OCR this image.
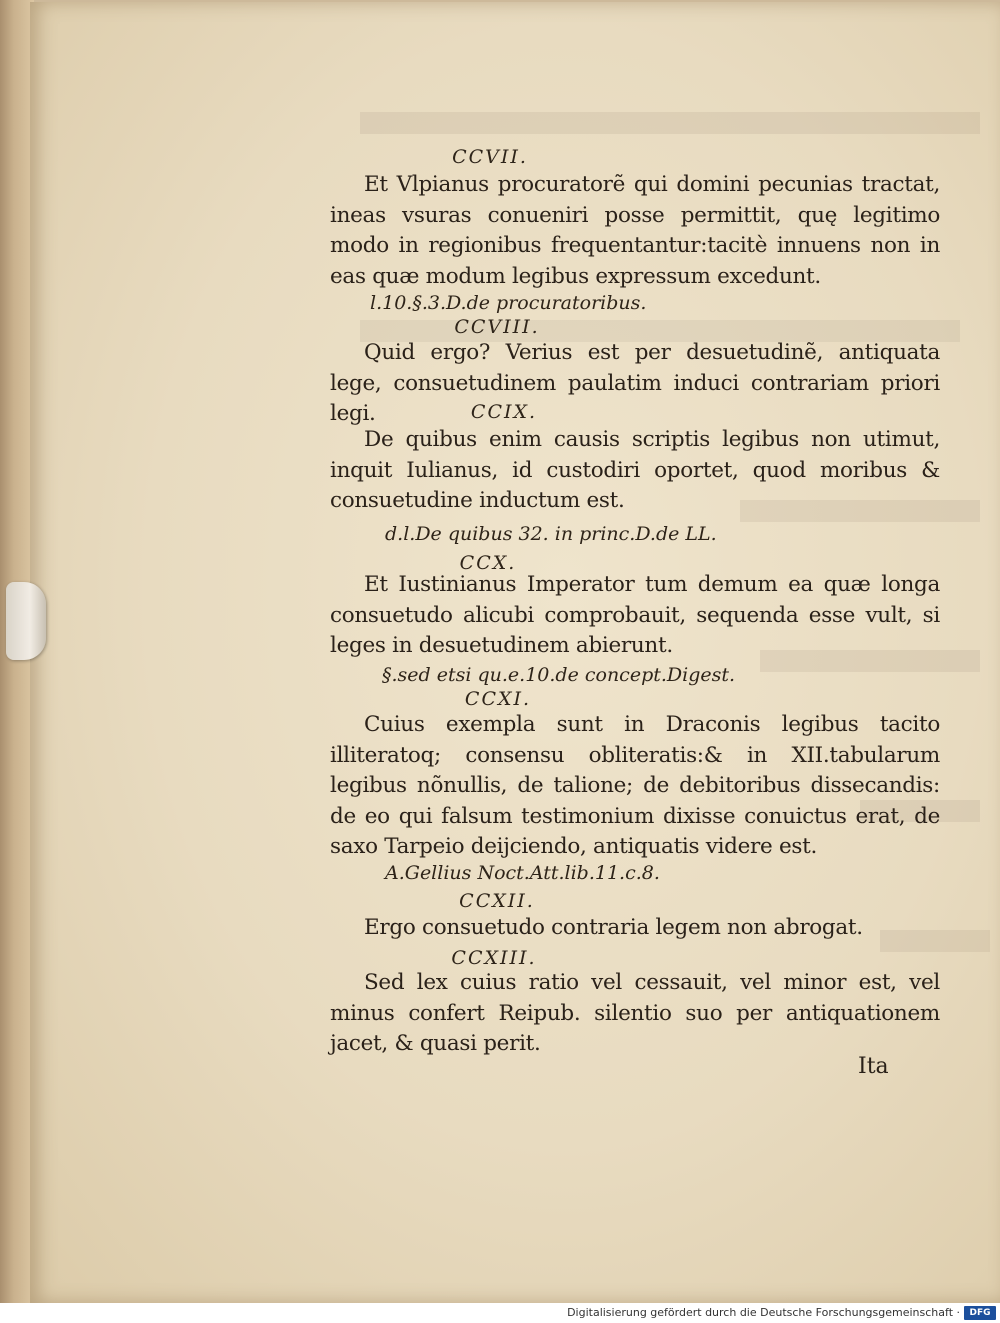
CCVII.

Et Vlpianus procuratorẽ qui domini pecunias tractat, ineas vsuras conueniri posse permittit, quę legitimo modo in regionibus frequentantur:tacitè innuens non in eas quæ modum legibus expressum excedunt.

l.10.§.3.D.de procuratoribus.
CCVIII.

Quid ergo? Verius est per desuetudinẽ, antiquata lege, consuetudinem paulatim induci contrariam priori legi.	CCIX.

De quibus enim causis scriptis legibus non utimut, inquit Iulianus, id custodiri oportet, quod moribus & consuetudine inductum est.

d.l.De quibus 32. in princ.D.de LL.
CCX.

Et Iustinianus Imperator tum demum ea quæ longa consuetudo alicubi comprobauit, sequenda esse vult, si leges in desuetudinem abierunt.

§.sed etsi qu.e.10.de concept.Digest.
CCXI.

Cuius exempla sunt in Draconis legibus tacito illiteratoq; consensu obliteratis:& in XII.tabularum legibus nõnullis, de talione; de debitoribus dissecandis: de eo qui falsum testimonium dixisse conuictus erat, de saxo Tarpeio deijciendo, antiquatis videre est.

A.Gellius Noct.Att.lib.11.c.8.
CCXII.

Ergo consuetudo contraria legem non abrogat.

CCXIII.

Sed lex cuius ratio vel cessauit, vel minor est, vel minus confert Reipub. silentio suo per antiquationem jacet, & quasi perit.

Ita
Digitalisierung gefördert durch die Deutsche Forschungsgemeinschaft ·	DFG
